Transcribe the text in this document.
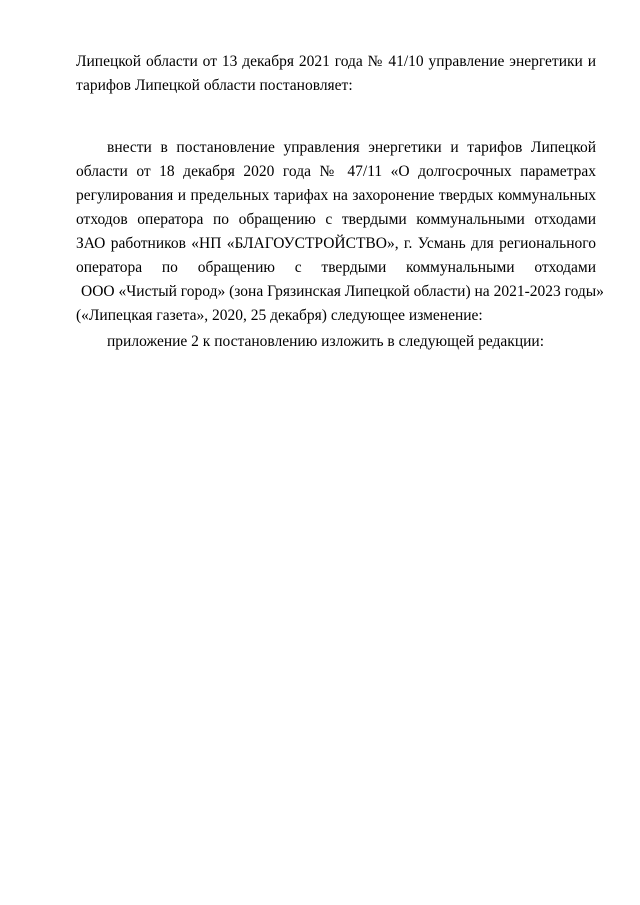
Липецкой области от 13 декабря 2021 года № 41/10 управление энергетики и
тарифов Липецкой области постановляет:
внести в постановление управления энергетики и тарифов Липецкой
области от 18 декабря 2020 года № 47/11 «О долгосрочных параметрах
регулирования и предельных тарифах на захоронение твердых коммунальных
отходов оператора по обращению с твердыми коммунальными отходами
ЗАО работников «НП «БЛАГОУСТРОЙСТВО», г. Усмань для регионального
оператора по обращению с твердыми коммунальными отходами
ООО «Чистый город» (зона Грязинская Липецкой области) на 2021-2023 годы»
(«Липецкая газета», 2020, 25 декабря) следующее изменение:
приложение 2 к постановлению изложить в следующей редакции:
